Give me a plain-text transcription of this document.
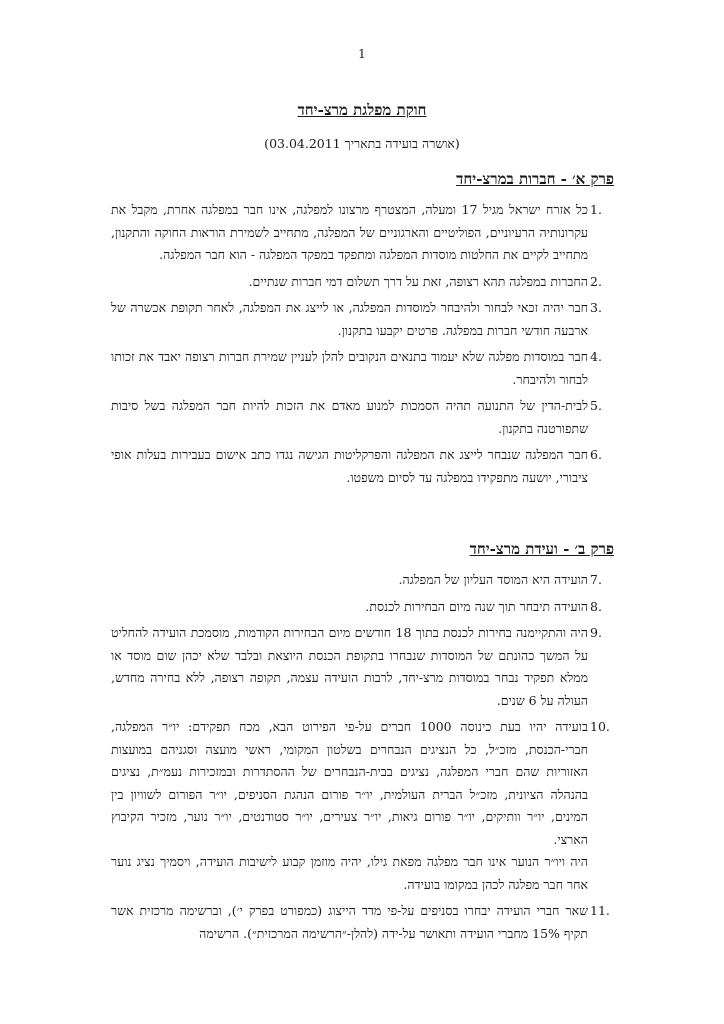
1
חוקת מפלגת מרצ-יחד
(אושרה בועידה בתאריך 03.04.2011)
פרק א׳ - חברות במרצ-יחד
1.
כל אזרח ישראל מגיל 17 ומעלה, המצטרף מרצונו למפלגה, אינו חבר במפלגה אחרת, מקבל את עקרונותיה הרעיוניים, הפוליטיים והארגוניים של המפלגה, מתחייב לשמירת הוראות החוקה והתקנון, מתחייב לקיים את החלטות מוסדות המפלגה ומתפקד במפקד המפלגה - הוא חבר המפלגה.
2.
החברות במפלגה תהא רצופה, זאת על דרך תשלום דמי חברות שנתיים.
3.
חבר יהיה זכאי לבחור ולהיבחר למוסדות המפלגה, או לייצג את המפלגה, לאחר תקופת אכשרה של ארבעה חודשי חברות במפלגה. פרטים יקבעו בתקנון.
4.
חבר במוסדות מפלגה שלא יעמוד בתנאים הנקובים להלן לעניין שמירת חברות רצופה יאבד את זכותו לבחור ולהיבחר.
5.
לבית-הדין של התנועה תהיה הסמכות למנוע מאדם את הזכות להיות חבר המפלגה בשל סיבות שתפורטנה בתקנון.
6.
חבר המפלגה שנבחר לייצג את המפלגה והפרקליטות הגישה נגדו כתב אישום בעבירות בעלות אופי ציבורי, יושעה מתפקידו במפלגה עד לסיום משפטו.
פרק ב׳ - ועידת מרצ-יחד
7.
הועידה היא המוסד העליון של המפלגה.
8.
הועידה תיבחר תוך שנה מיום הבחירות לכנסת.
9.
היה והתקיימנה בחירות לכנסת בתוך 18 חודשים מיום הבחירות הקודמות, מוסמכת הועידה להחליט על המשך כהונתם של המוסדות שנבחרו בתקופת הכנסת היוצאת ובלבד שלא יכהן שום מוסד או ממלא תפקיד נבחר במוסדות מרצ-יחד, לרבות הועידה עצמה, תקופה רצופה, ללא בחירה מחדש, העולה על 6 שנים.
10.
בועידה יהיו בעת כינוסה 1000 חברים על-פי הפירוט הבא, מכח תפקידם: יו״ר המפלגה, חברי-הכנסת, מזכ״ל, כל הנציגים הנבחרים בשלטון המקומי, ראשי מועצה וסגניהם במועצות האזוריות שהם חברי המפלגה, נציגים בבית-הנבחרים של ההסתדרות ובמזכירות נעמ״ת, נציגים בהנהלה הציונית, מזכ״ל הברית העולמית, יו״ר פורום הנהגת הסניפים, יו״ר הפורום לשוויון בין המינים, יו״ר וותיקים, יו״ר פורום גיאות, יו״ר צעירים, יו״ר סטודנטים, יו״ר נוער, מזכיר הקיבוץ הארצי.
היה ויו״ר הנוער אינו חבר מפלגה מפאת גילו, יהיה מוזמן קבוע לישיבות הועידה, ויסמיך נציג נוער אחר חבר מפלגה לכהן במקומו בועידה.
11.
שאר חברי הועידה יבחרו בסניפים על-פי מדד הייצוג (כמפורט בפרק י׳), וברשימה מרכזית אשר תקיף 15% מחברי הועידה ותאושר על-ידה (להלן-״הרשימה המרכזית״). הרשימה
